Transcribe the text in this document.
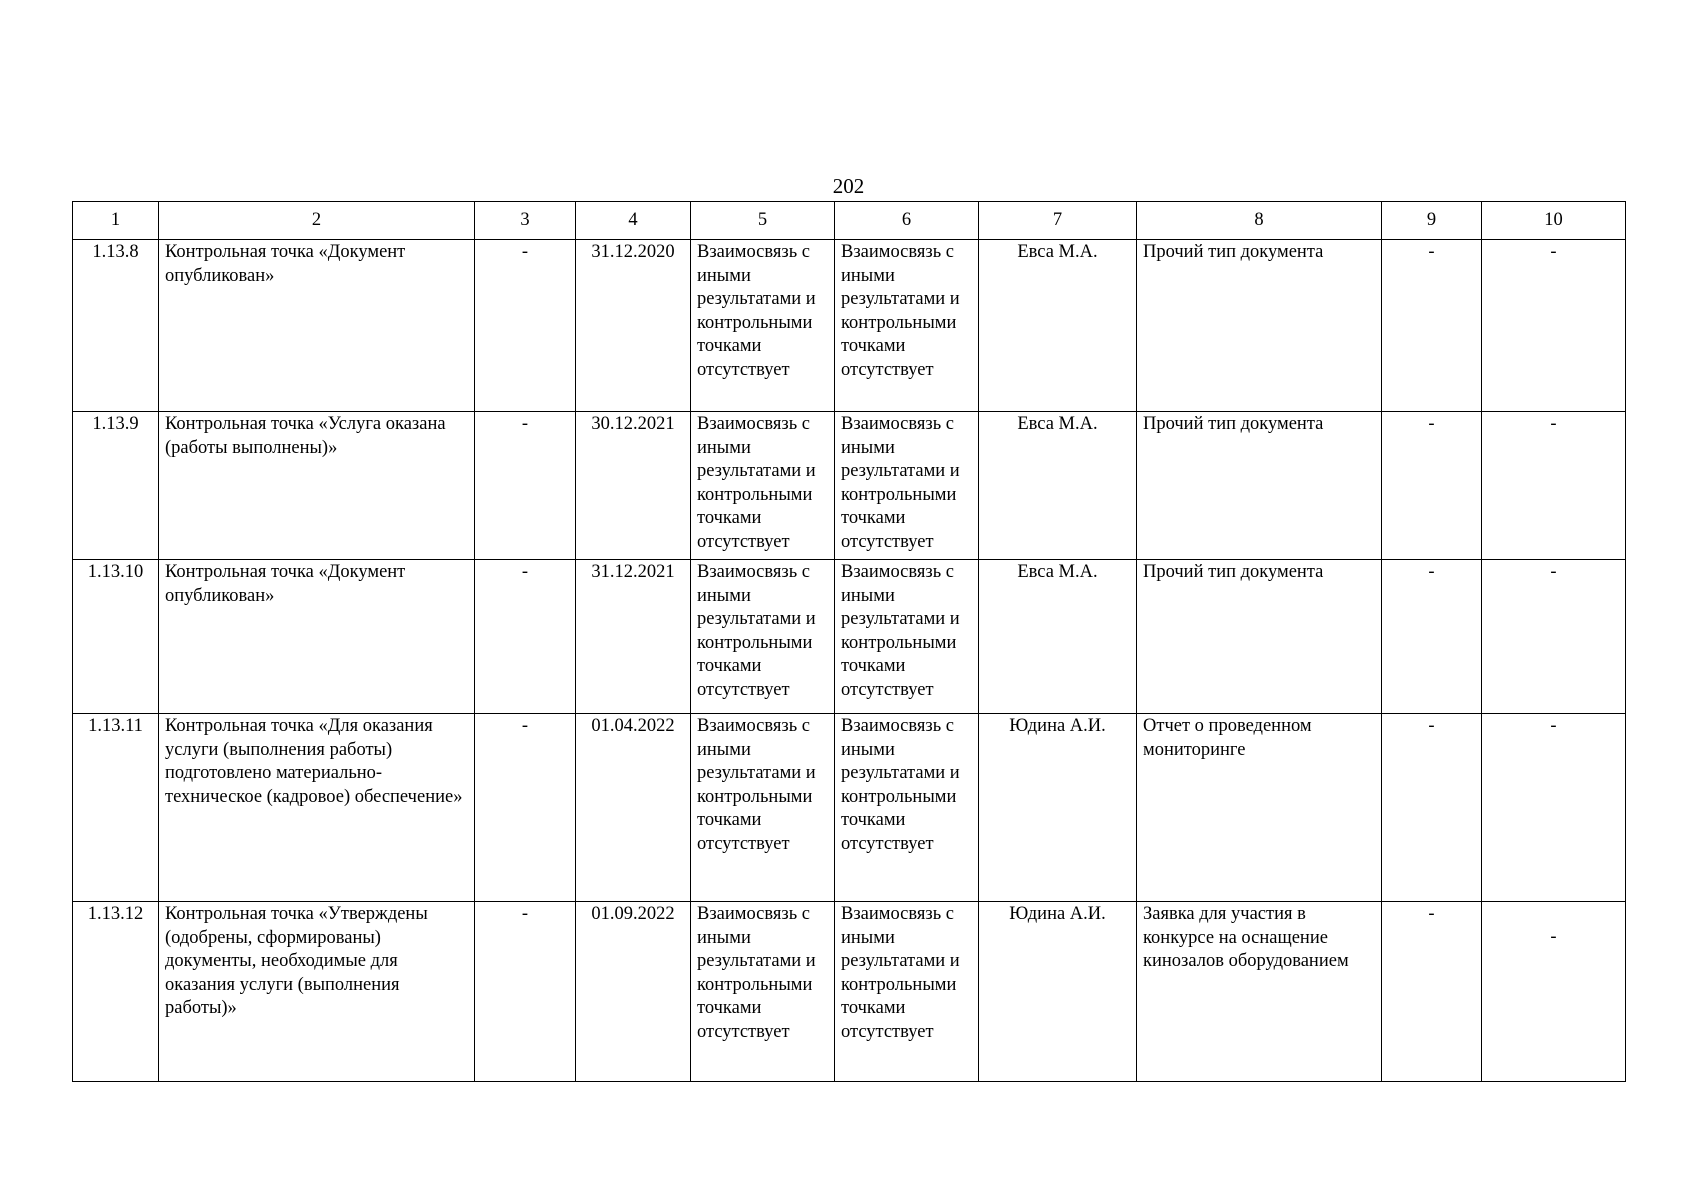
202
1	2	3	4	5	6	7	8	9	10
1.13.8	Контрольная точка «Документ опубликован»	-	31.12.2020	Взаимосвязь с иными результатами и контрольными точками отсутствует	Взаимосвязь с иными результатами и контрольными точками отсутствует	Евса М.А.	Прочий тип документа	-	-
1.13.9	Контрольная точка «Услуга оказана (работы выполнены)»	-	30.12.2021	Взаимосвязь с иными результатами и контрольными точками отсутствует	Взаимосвязь с иными результатами и контрольными точками отсутствует	Евса М.А.	Прочий тип документа	-	-
1.13.10	Контрольная точка «Документ опубликован»	-	31.12.2021	Взаимосвязь с иными результатами и контрольными точками отсутствует	Взаимосвязь с иными результатами и контрольными точками отсутствует	Евса М.А.	Прочий тип документа	-	-
1.13.11	Контрольная точка «Для оказания услуги (выполнения работы) подготовлено материально-техническое (кадровое) обеспечение»	-	01.04.2022	Взаимосвязь с иными результатами и контрольными точками отсутствует	Взаимосвязь с иными результатами и контрольными точками отсутствует	Юдина А.И.	Отчет о проведенном мониторинге	-	-
1.13.12	Контрольная точка «Утверждены (одобрены, сформированы) документы, необходимые для оказания услуги (выполнения работы)»	-	01.09.2022	Взаимосвязь с иными результатами и контрольными точками отсутствует	Взаимосвязь с иными результатами и контрольными точками отсутствует	Юдина А.И.	Заявка для участия в конкурсе на оснащение кинозалов оборудованием	-	-
